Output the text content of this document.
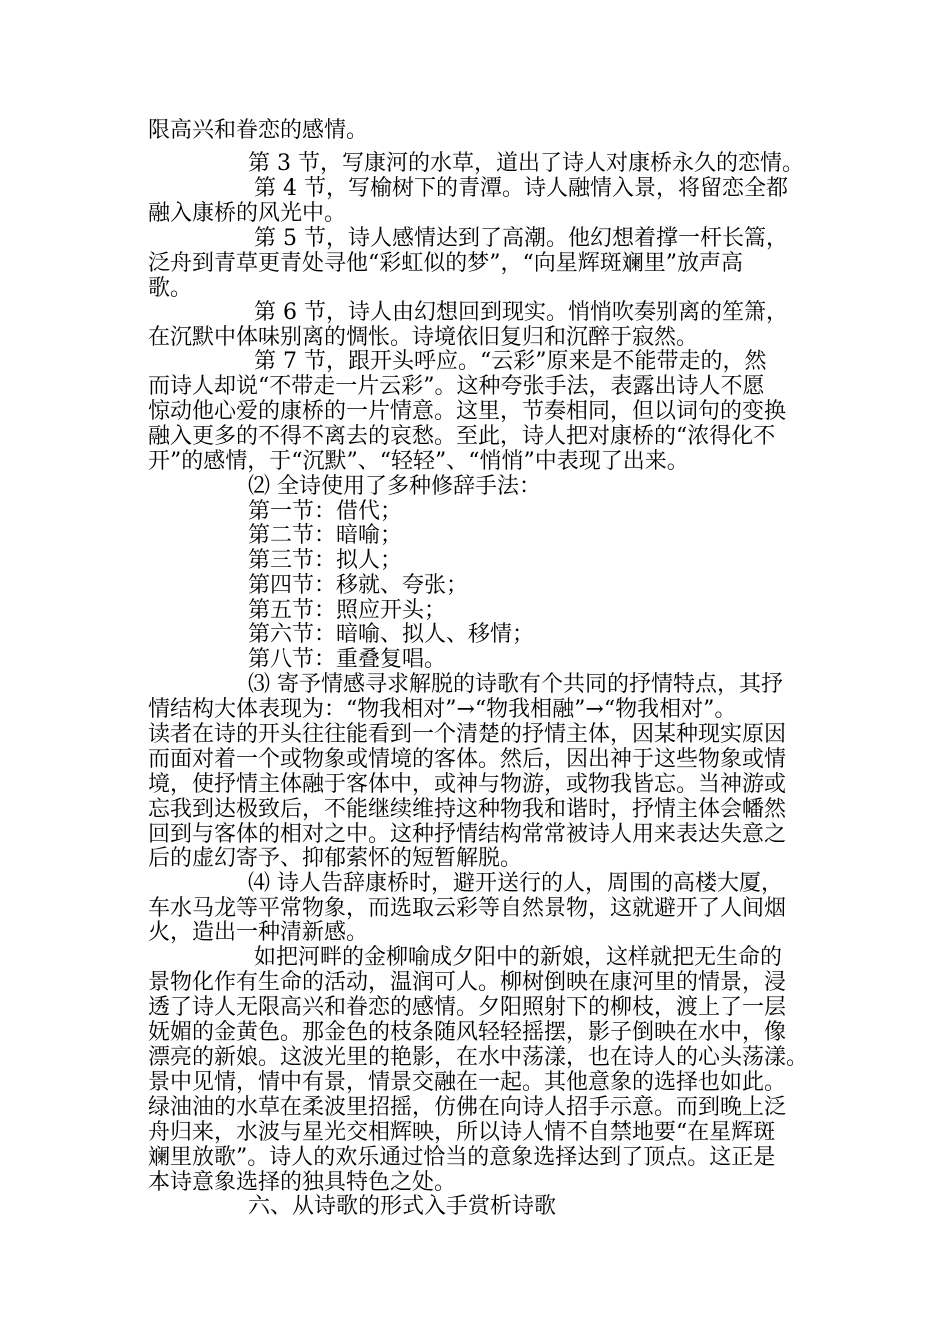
限高兴和眷恋的感情。
第 3 节，写康河的水草，道出了诗人对康桥永久的恋情。
第 4 节，写榆树下的青潭。诗人融情入景，将留恋全都
融入康桥的风光中。
第 5 节，诗人感情达到了高潮。他幻想着撑一杆长篙，
泛舟到青草更青处寻他“彩虹似的梦”，“向星辉斑斓里”放声高
歌。
第 6 节，诗人由幻想回到现实。悄悄吹奏别离的笙箫，
在沉默中体味别离的惆怅。诗境依旧复归和沉醉于寂然。
第 7 节，跟开头呼应。“云彩”原来是不能带走的，然
而诗人却说“不带走一片云彩”。这种夸张手法，表露出诗人不愿
惊动他心爱的康桥的一片情意。这里，节奏相同，但以词句的变换
融入更多的不得不离去的哀愁。至此，诗人把对康桥的“浓得化不
开”的感情，于“沉默”、“轻轻”、“悄悄”中表现了出来。
⑵ 全诗使用了多种修辞手法：
第一节：借代；
第二节：暗喻；
第三节：拟人；
第四节：移就、夸张；
第五节：照应开头；
第六节：暗喻、拟人、移情；
第八节：重叠复唱。
⑶ 寄予情感寻求解脱的诗歌有个共同的抒情特点，其抒
情结构大体表现为：“物我相对”→“物我相融”→“物我相对”。
读者在诗的开头往往能看到一个清楚的抒情主体，因某种现实原因
而面对着一个或物象或情境的客体。然后，因出神于这些物象或情
境，使抒情主体融于客体中，或神与物游，或物我皆忘。当神游或
忘我到达极致后，不能继续维持这种物我和谐时，抒情主体会幡然
回到与客体的相对之中。这种抒情结构常常被诗人用来表达失意之
后的虚幻寄予、抑郁萦怀的短暂解脱。
⑷ 诗人告辞康桥时，避开送行的人，周围的高楼大厦，
车水马龙等平常物象，而选取云彩等自然景物，这就避开了人间烟
火，造出一种清新感。
如把河畔的金柳喻成夕阳中的新娘，这样就把无生命的
景物化作有生命的活动，温润可人。柳树倒映在康河里的情景，浸
透了诗人无限高兴和眷恋的感情。夕阳照射下的柳枝，渡上了一层
妩媚的金黄色。那金色的枝条随风轻轻摇摆，影子倒映在水中，像
漂亮的新娘。这波光里的艳影，在水中荡漾，也在诗人的心头荡漾。
景中见情，情中有景，情景交融在一起。其他意象的选择也如此。
绿油油的水草在柔波里招摇，仿佛在向诗人招手示意。而到晚上泛
舟归来，水波与星光交相辉映，所以诗人情不自禁地要“在星辉斑
斓里放歌”。诗人的欢乐通过恰当的意象选择达到了顶点。这正是
本诗意象选择的独具特色之处。
六、从诗歌的形式入手赏析诗歌
